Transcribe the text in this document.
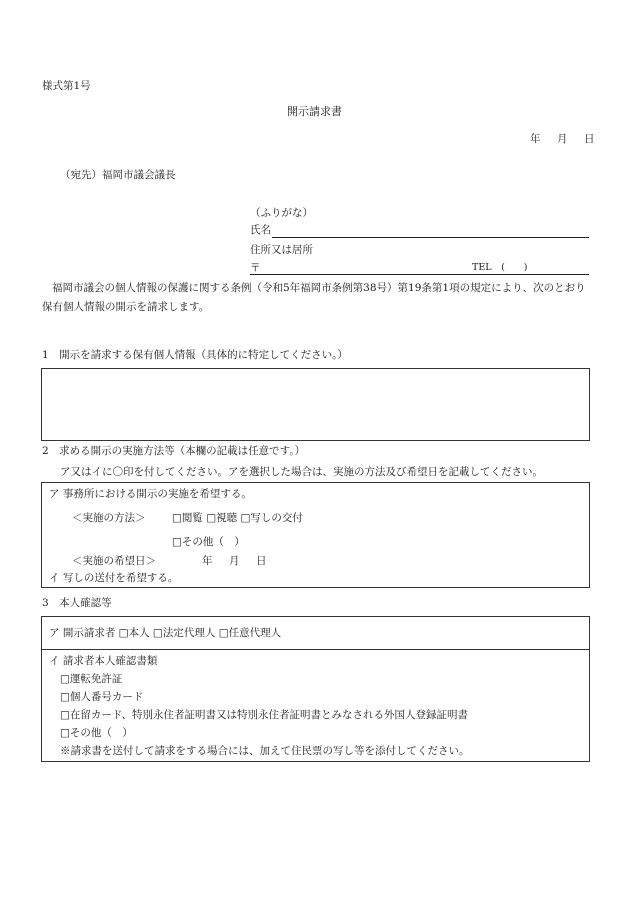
様式第1号
開示請求書
年　月　日
（宛先）福岡市議会議長
（ふりがな）
氏名
住所又は居所
〒	TEL　(　　)
福岡市議会の個人情報の保護に関する条例（令和5年福岡市条例第38号）第19条第1項の規定により、次のとおり保有個人情報の開示を請求します。
1　開示を請求する保有個人情報（具体的に特定してください。）
2　求める開示の実施方法等（本欄の記載は任意です。）
ア又はイに〇印を付してください。アを選択した場合は、実施の方法及び希望日を記載してください。
ア 事務所における開示の実施を希望する。
＜実施の方法＞	□閲覧 □視聴 □写しの交付
□その他（　）
＜実施の希望日＞	年　月　日
イ 写しの送付を希望する。
3　本人確認等
ア 開示請求者 □本人 □法定代理人 □任意代理人
イ 請求者本人確認書類
□運転免許証
□個人番号カード
□在留カード、特別永住者証明書又は特別永住者証明書とみなされる外国人登録証明書
□その他（　）
※請求書を送付して請求をする場合には、加えて住民票の写し等を添付してください。
